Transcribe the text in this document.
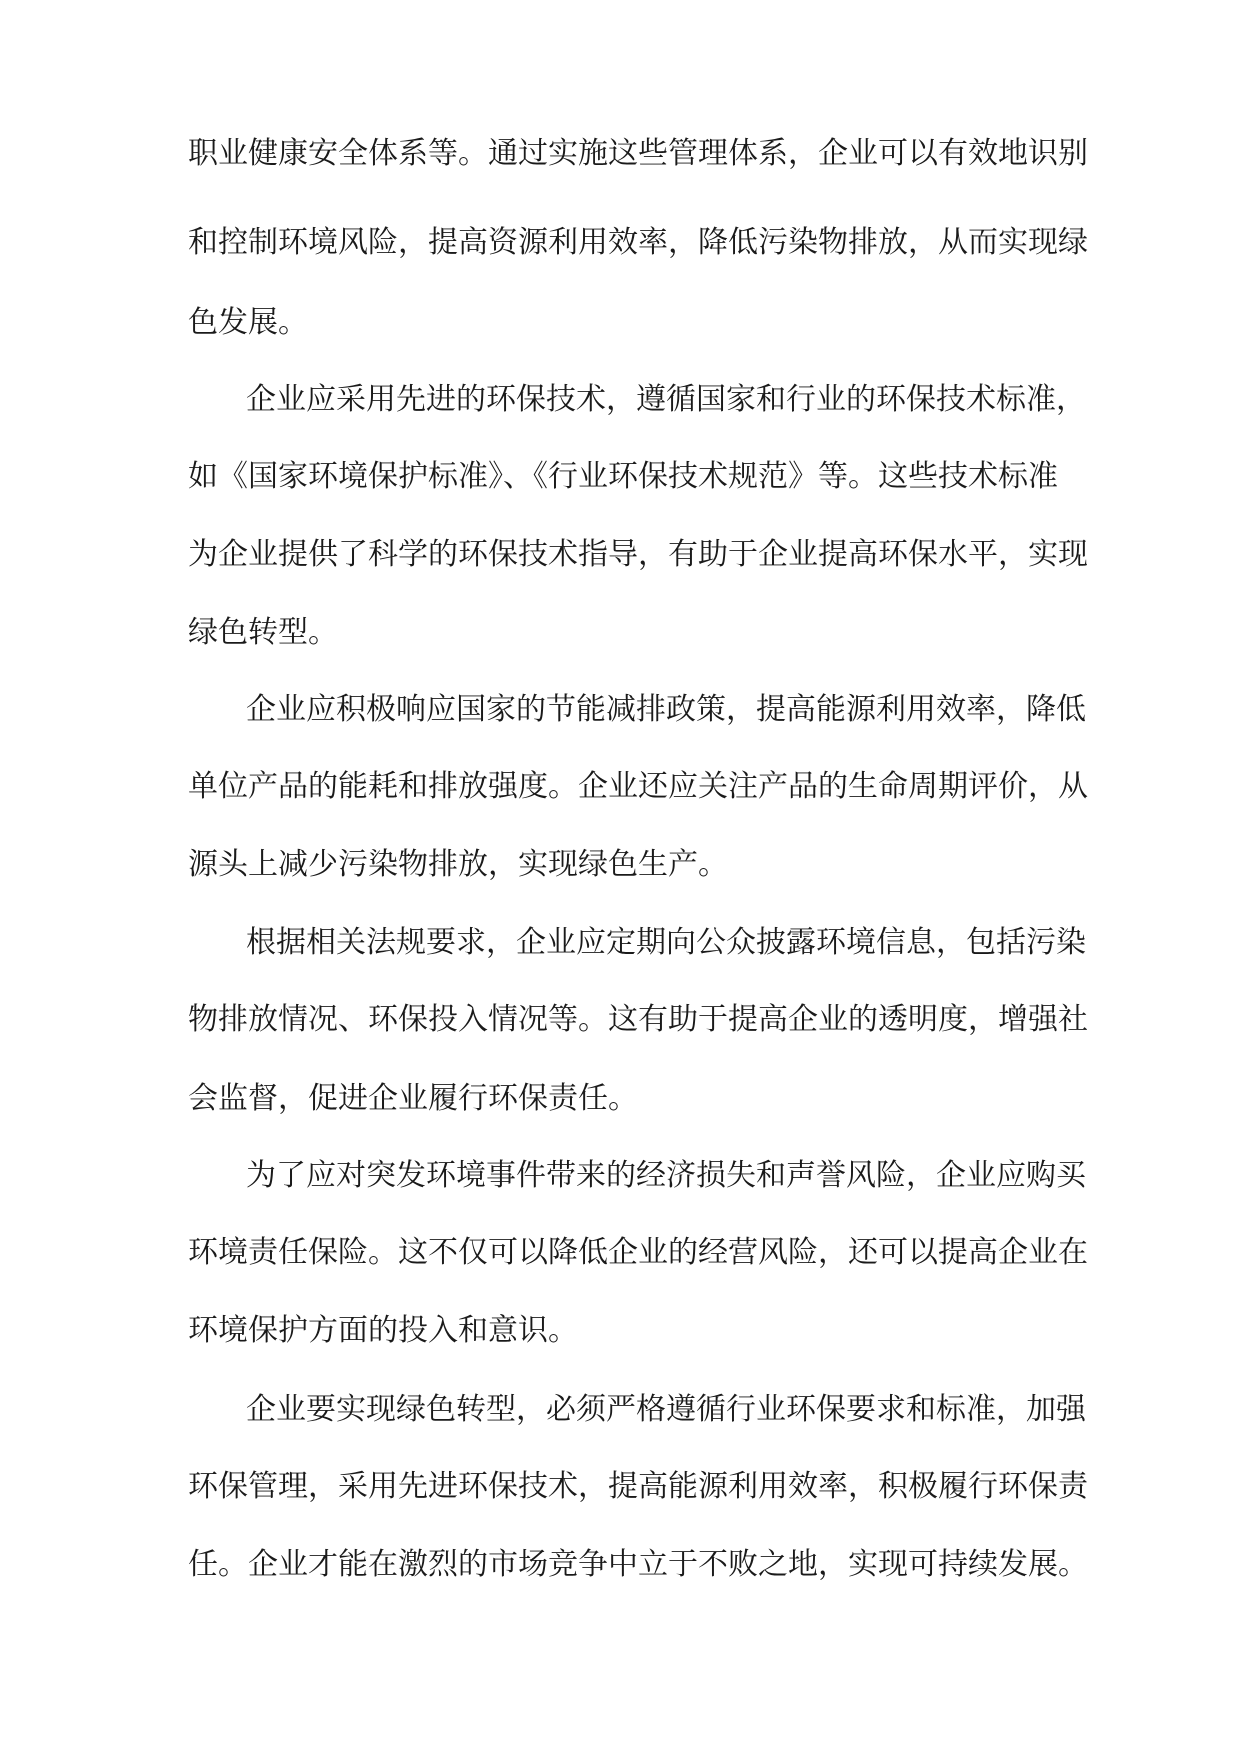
职业健康安全体系等。通过实施这些管理体系，企业可以有效地识别
和控制环境风险，提高资源利用效率，降低污染物排放，从而实现绿
色发展。
企业应采用先进的环保技术，遵循国家和行业的环保技术标准，
如《国家环境保护标准》、《行业环保技术规范》等。这些技术标准
为企业提供了科学的环保技术指导，有助于企业提高环保水平，实现
绿色转型。
企业应积极响应国家的节能减排政策，提高能源利用效率，降低
单位产品的能耗和排放强度。企业还应关注产品的生命周期评价，从
源头上减少污染物排放，实现绿色生产。
根据相关法规要求，企业应定期向公众披露环境信息，包括污染
物排放情况、环保投入情况等。这有助于提高企业的透明度，增强社
会监督，促进企业履行环保责任。
为了应对突发环境事件带来的经济损失和声誉风险，企业应购买
环境责任保险。这不仅可以降低企业的经营风险，还可以提高企业在
环境保护方面的投入和意识。
企业要实现绿色转型，必须严格遵循行业环保要求和标准，加强
环保管理，采用先进环保技术，提高能源利用效率，积极履行环保责
任。企业才能在激烈的市场竞争中立于不败之地，实现可持续发展。
